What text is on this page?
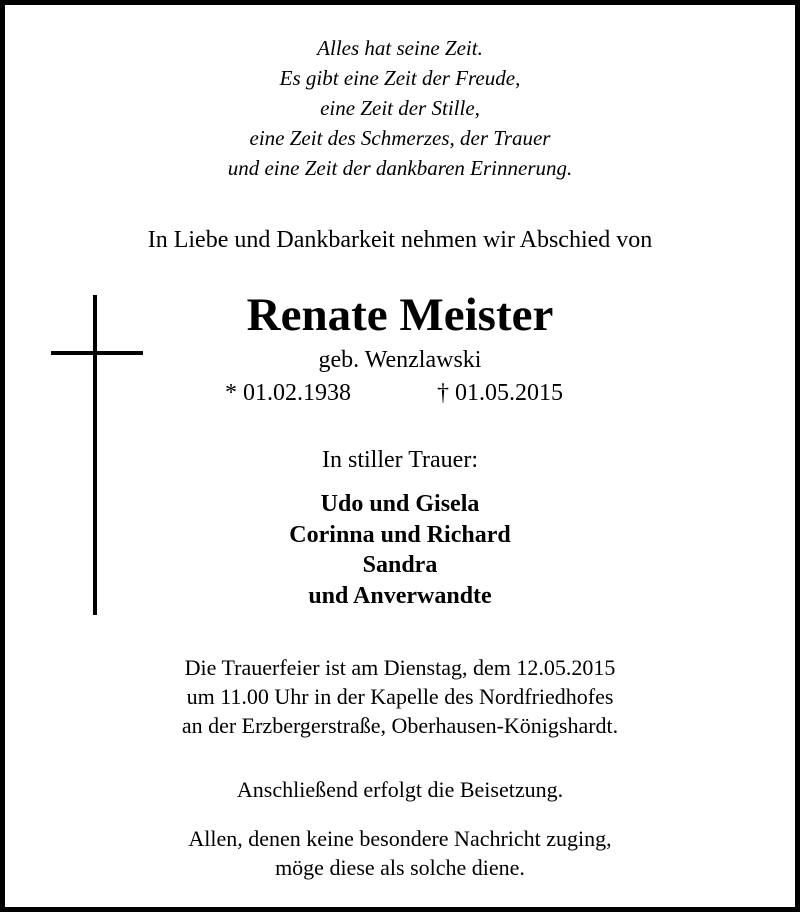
Alles hat seine Zeit.
Es gibt eine Zeit der Freude,
eine Zeit der Stille,
eine Zeit des Schmerzes, der Trauer
und eine Zeit der dankbaren Erinnerung.
In Liebe und Dankbarkeit nehmen wir Abschied von
Renate Meister
geb. Wenzlawski
* 01.02.1938	† 01.05.2015
In stiller Trauer:
Udo und Gisela
Corinna und Richard
Sandra
und Anverwandte
Die Trauerfeier ist am Dienstag, dem 12.05.2015
um 11.00 Uhr in der Kapelle des Nordfriedhofes
an der Erzbergerstraße, Oberhausen-Königshardt.
Anschließend erfolgt die Beisetzung.
Allen, denen keine besondere Nachricht zuging,
möge diese als solche diene.
